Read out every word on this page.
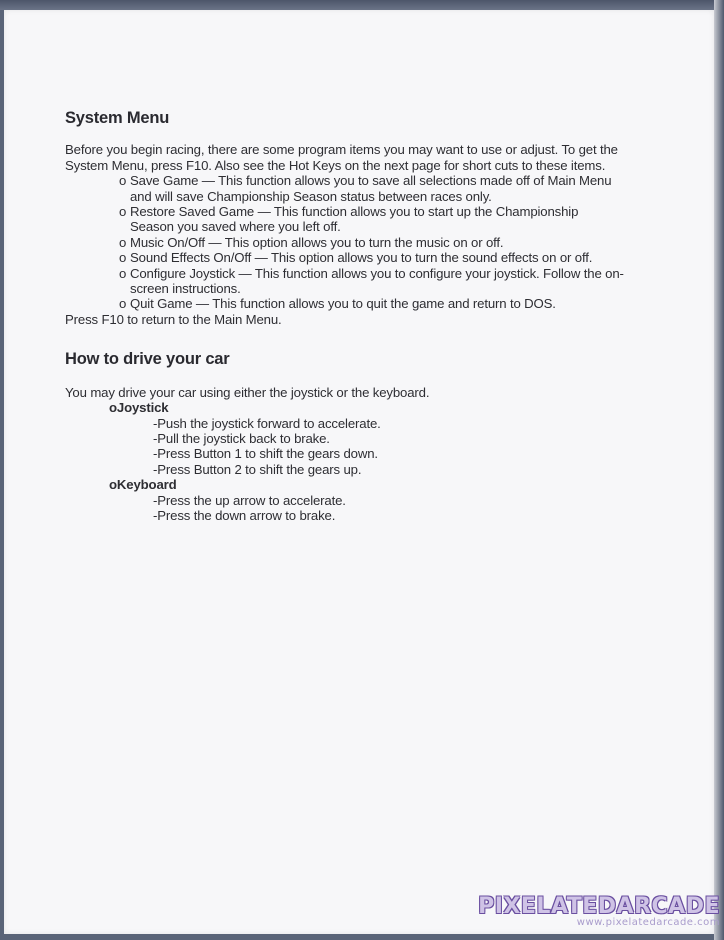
System Menu

Before you begin racing, there are some program items you may want to use or adjust. To get the System Menu, press F10. Also see the Hot Keys on the next page for short cuts to these items.

o Save Game — This function allows you to save all selections made off of Main Menu and will save Championship Season status between races only.

o Restore Saved Game — This function allows you to start up the Championship Season you saved where you left off.

o Music On/Off — This option allows you to turn the music on or off.

o Sound Effects On/Off — This option allows you to turn the sound effects on or off.

o Configure Joystick — This function allows you to configure your joystick. Follow the on-screen instructions.

o Quit Game — This function allows you to quit the game and return to DOS.

Press F10 to return to the Main Menu.

How to drive your car

You may drive your car using either the joystick or the keyboard.

oJoystick

-Push the joystick forward to accelerate.

-Pull the joystick back to brake.

-Press Button 1 to shift the gears down.

-Press Button 2 to shift the gears up.

oKeyboard

-Press the up arrow to accelerate.

-Press the down arrow to brake.

PIXELATEDARCADE
www.pixelatedarcade.com
